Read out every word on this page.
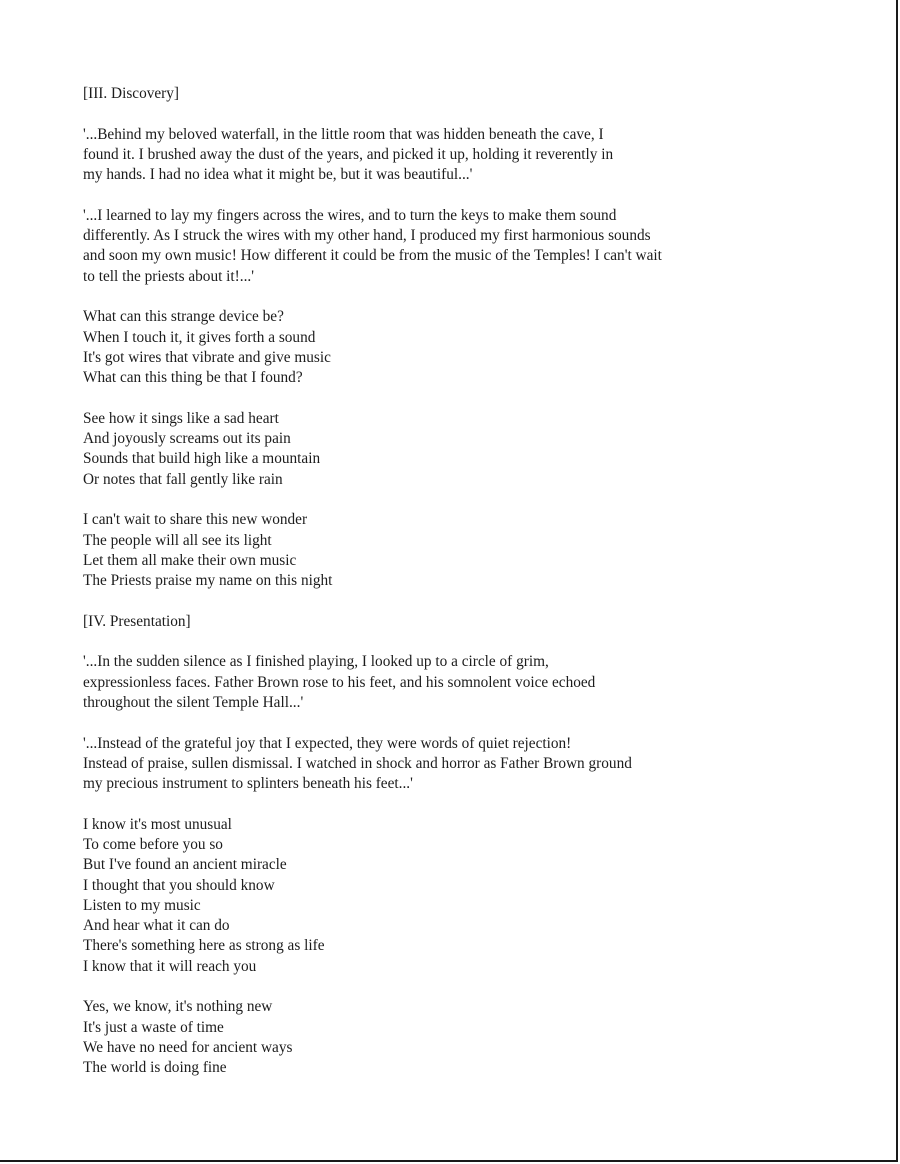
[III. Discovery]
'...Behind my beloved waterfall, in the little room that was hidden beneath the cave, I
found it. I brushed away the dust of the years, and picked it up, holding it reverently in
my hands. I had no idea what it might be, but it was beautiful...'
'...I learned to lay my fingers across the wires, and to turn the keys to make them sound
differently. As I struck the wires with my other hand, I produced my first harmonious sounds
and soon my own music! How different it could be from the music of the Temples! I can't wait
to tell the priests about it!...'
What can this strange device be?
When I touch it, it gives forth a sound
It's got wires that vibrate and give music
What can this thing be that I found?
See how it sings like a sad heart
And joyously screams out its pain
Sounds that build high like a mountain
Or notes that fall gently like rain
I can't wait to share this new wonder
The people will all see its light
Let them all make their own music
The Priests praise my name on this night
[IV. Presentation]
'...In the sudden silence as I finished playing, I looked up to a circle of grim,
expressionless faces. Father Brown rose to his feet, and his somnolent voice echoed
throughout the silent Temple Hall...'
'...Instead of the grateful joy that I expected, they were words of quiet rejection!
Instead of praise, sullen dismissal. I watched in shock and horror as Father Brown ground
my precious instrument to splinters beneath his feet...'
I know it's most unusual
To come before you so
But I've found an ancient miracle
I thought that you should know
Listen to my music
And hear what it can do
There's something here as strong as life
I know that it will reach you
Yes, we know, it's nothing new
It's just a waste of time
We have no need for ancient ways
The world is doing fine
